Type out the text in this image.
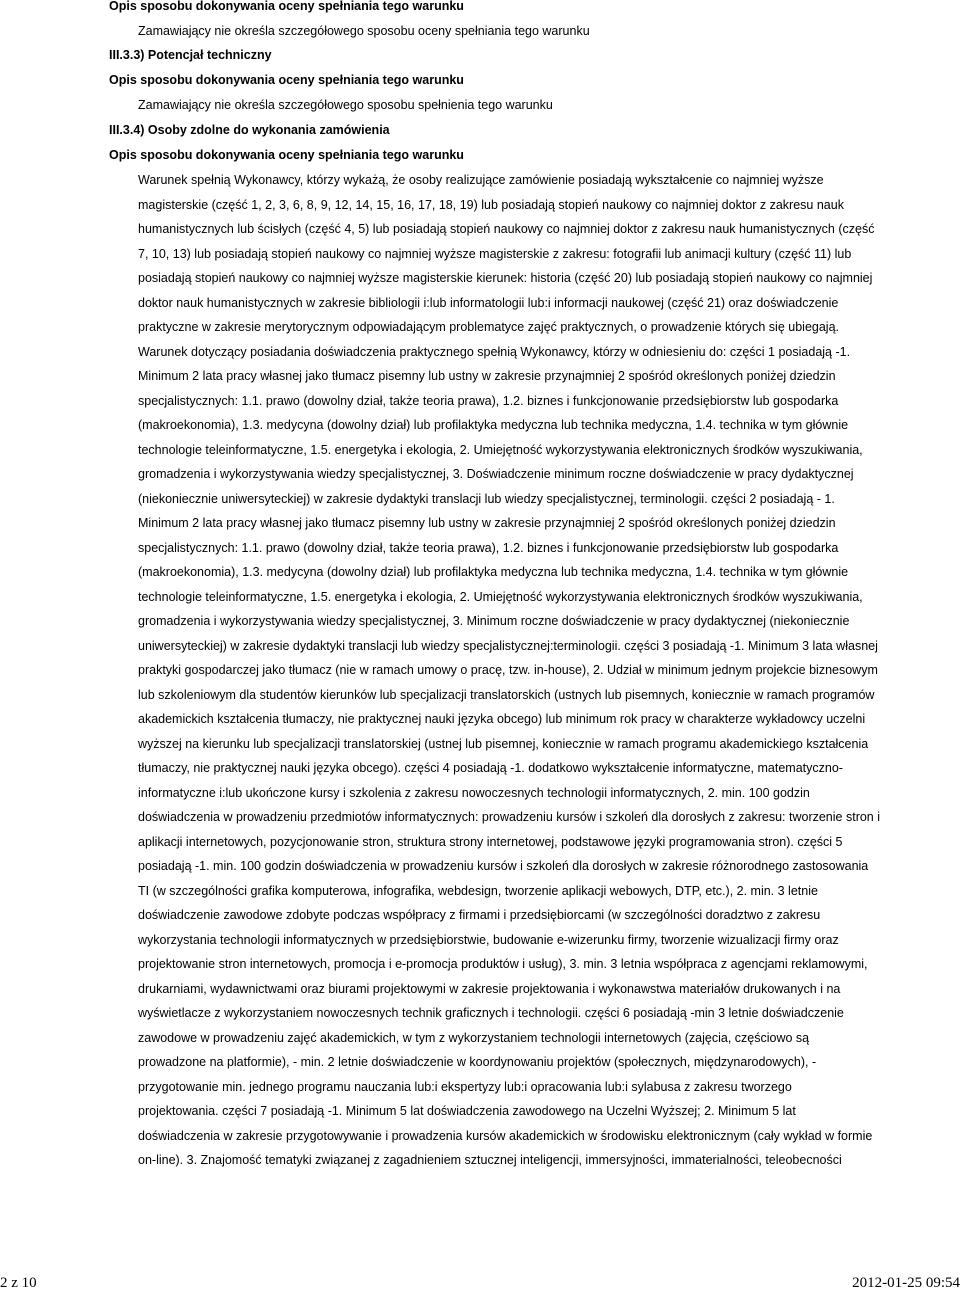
Opis sposobu dokonywania oceny spełniania tego warunku
Zamawiający nie określa szczegółowego sposobu oceny spełniania tego warunku
III.3.3) Potencjał techniczny
Opis sposobu dokonywania oceny spełniania tego warunku
Zamawiający nie określa szczegółowego sposobu spełnienia tego warunku
III.3.4) Osoby zdolne do wykonania zamówienia
Opis sposobu dokonywania oceny spełniania tego warunku
Warunek spełnią Wykonawcy, którzy wykażą, że osoby realizujące zamówienie posiadają wykształcenie co najmniej wyższe
magisterskie (część 1, 2, 3, 6, 8, 9, 12, 14, 15, 16, 17, 18, 19) lub posiadają stopień naukowy co najmniej doktor z zakresu nauk
humanistycznych lub ścisłych (część 4, 5) lub posiadają stopień naukowy co najmniej doktor z zakresu nauk humanistycznych (część
7, 10, 13) lub posiadają stopień naukowy co najmniej wyższe magisterskie z zakresu: fotografii lub animacji kultury (część 11) lub
posiadają stopień naukowy co najmniej wyższe magisterskie kierunek: historia (część 20) lub posiadają stopień naukowy co najmniej
doktor nauk humanistycznych w zakresie bibliologii i:lub informatologii lub:i informacji naukowej (część 21) oraz doświadczenie
praktyczne w zakresie merytorycznym odpowiadającym problematyce zajęć praktycznych, o prowadzenie których się ubiegają.
Warunek dotyczący posiadania doświadczenia praktycznego spełnią Wykonawcy, którzy w odniesieniu do: części 1 posiadają -1.
Minimum 2 lata pracy własnej jako tłumacz pisemny lub ustny w zakresie przynajmniej 2 spośród określonych poniżej dziedzin
specjalistycznych: 1.1. prawo (dowolny dział, także teoria prawa), 1.2. biznes i funkcjonowanie przedsiębiorstw lub gospodarka
(makroekonomia), 1.3. medycyna (dowolny dział) lub profilaktyka medyczna lub technika medyczna, 1.4. technika w tym głównie
technologie teleinformatyczne, 1.5. energetyka i ekologia, 2. Umiejętność wykorzystywania elektronicznych środków wyszukiwania,
gromadzenia i wykorzystywania wiedzy specjalistycznej, 3. Doświadczenie minimum roczne doświadczenie w pracy dydaktycznej
(niekoniecznie uniwersyteckiej) w zakresie dydaktyki translacji lub wiedzy specjalistycznej, terminologii. części 2 posiadają - 1.
Minimum 2 lata pracy własnej jako tłumacz pisemny lub ustny w zakresie przynajmniej 2 spośród określonych poniżej dziedzin
specjalistycznych: 1.1. prawo (dowolny dział, także teoria prawa), 1.2. biznes i funkcjonowanie przedsiębiorstw lub gospodarka
(makroekonomia), 1.3. medycyna (dowolny dział) lub profilaktyka medyczna lub technika medyczna, 1.4. technika w tym głównie
technologie teleinformatyczne, 1.5. energetyka i ekologia, 2. Umiejętność wykorzystywania elektronicznych środków wyszukiwania,
gromadzenia i wykorzystywania wiedzy specjalistycznej, 3. Minimum roczne doświadczenie w pracy dydaktycznej (niekoniecznie
uniwersyteckiej) w zakresie dydaktyki translacji lub wiedzy specjalistycznej:terminologii. części 3 posiadają -1. Minimum 3 lata własnej
praktyki gospodarczej jako tłumacz (nie w ramach umowy o pracę, tzw. in-house), 2. Udział w minimum jednym projekcie biznesowym
lub szkoleniowym dla studentów kierunków lub specjalizacji translatorskich (ustnych lub pisemnych, koniecznie w ramach programów
akademickich kształcenia tłumaczy, nie praktycznej nauki języka obcego) lub minimum rok pracy w charakterze wykładowcy uczelni
wyższej na kierunku lub specjalizacji translatorskiej (ustnej lub pisemnej, koniecznie w ramach programu akademickiego kształcenia
tłumaczy, nie praktycznej nauki języka obcego). części 4 posiadają -1. dodatkowo wykształcenie informatyczne, matematyczno-
informatyczne i:lub ukończone kursy i szkolenia z zakresu nowoczesnych technologii informatycznych, 2. min. 100 godzin
doświadczenia w prowadzeniu przedmiotów informatycznych: prowadzeniu kursów i szkoleń dla dorosłych z zakresu: tworzenie stron i
aplikacji internetowych, pozycjonowanie stron, struktura strony internetowej, podstawowe języki programowania stron). części 5
posiadają -1. min. 100 godzin doświadczenia w prowadzeniu kursów i szkoleń dla dorosłych w zakresie różnorodnego zastosowania
TI (w szczególności grafika komputerowa, infografika, webdesign, tworzenie aplikacji webowych, DTP, etc.), 2. min. 3 letnie
doświadczenie zawodowe zdobyte podczas współpracy z firmami i przedsiębiorcami (w szczególności doradztwo z zakresu
wykorzystania technologii informatycznych w przedsiębiorstwie, budowanie e-wizerunku firmy, tworzenie wizualizacji firmy oraz
projektowanie stron internetowych, promocja i e-promocja produktów i usług), 3. min. 3 letnia współpraca z agencjami reklamowymi,
drukarniami, wydawnictwami oraz biurami projektowymi w zakresie projektowania i wykonawstwa materiałów drukowanych i na
wyświetlacze z wykorzystaniem nowoczesnych technik graficznych i technologii. części 6 posiadają -min 3 letnie doświadczenie
zawodowe w prowadzeniu zajęć akademickich, w tym z wykorzystaniem technologii internetowych (zajęcia, częściowo są
prowadzone na platformie), - min. 2 letnie doświadczenie w koordynowaniu projektów (społecznych, międzynarodowych), -
przygotowanie min. jednego programu nauczania lub:i ekspertyzy lub:i opracowania lub:i sylabusa z zakresu tworzego
projektowania. części 7 posiadają -1. Minimum 5 lat doświadczenia zawodowego na Uczelni Wyższej; 2. Minimum 5 lat
doświadczenia w zakresie przygotowywanie i prowadzenia kursów akademickich w środowisku elektronicznym (cały wykład w formie
on-line). 3. Znajomość tematyki związanej z zagadnieniem sztucznej inteligencji, immersyjności, immaterialności, teleobecności
2 z 10	2012-01-25 09:54
